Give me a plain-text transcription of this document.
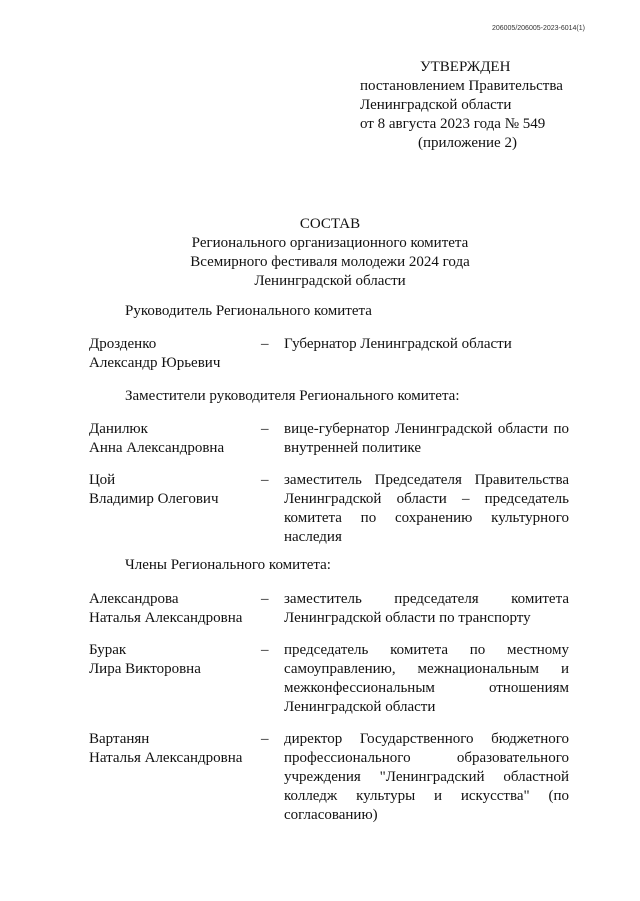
206005/206005-2023-6014(1)
УТВЕРЖДЕН
постановлением Правительства
Ленинградской области
от 8 августа 2023 года № 549
(приложение 2)
СОСТАВ
Регионального организационного комитета
Всемирного фестиваля молодежи 2024 года
Ленинградской области
Руководитель Регионального комитета
Дрозденко
Александр Юрьевич
– Губернатор Ленинградской области
Заместители руководителя Регионального комитета:
Данилюк
Анна Александровна
– вице-губернатор Ленинградской области по внутренней политике
Цой
Владимир Олегович
– заместитель Председателя Правительства Ленинградской области – председатель комитета по сохранению культурного наследия
Члены Регионального комитета:
Александрова
Наталья Александровна
– заместитель председателя комитета Ленинградской области по транспорту
Бурак
Лира Викторовна
– председатель комитета по местному самоуправлению, межнациональным и межконфессиональным отношениям Ленинградской области
Вартанян
Наталья Александровна
– директор Государственного бюджетного профессионального образовательного учреждения "Ленинградский областной колледж культуры и искусства" (по согласованию)
